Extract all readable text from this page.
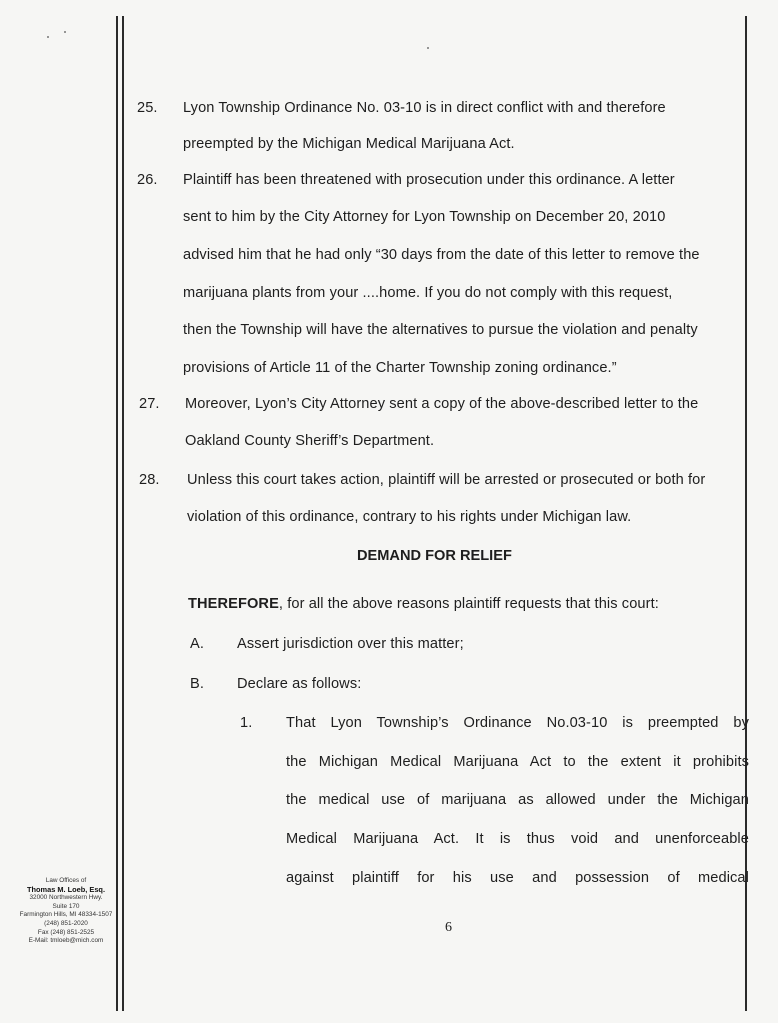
25. Lyon Township Ordinance No. 03-10 is in direct conflict with and therefore
preempted by the Michigan Medical Marijuana Act.
26. Plaintiff has been threatened with prosecution under this ordinance. A letter
sent to him by the City Attorney for Lyon Township on December 20, 2010
advised him that he had only “30 days from the date of this letter to remove the
marijuana plants from your ....home. If you do not comply with this request,
then the Township will have the alternatives to pursue the violation and penalty
provisions of Article 11 of the Charter Township zoning ordinance.”
27. Moreover, Lyon’s City Attorney sent a copy of the above-described letter to the
Oakland County Sheriff’s Department.
28. Unless this court takes action, plaintiff will be arrested or prosecuted or both for
violation of this ordinance, contrary to his rights under Michigan law.
DEMAND FOR RELIEF
THEREFORE, for all the above reasons plaintiff requests that this court:
A. Assert jurisdiction over this matter;
B. Declare as follows:
1. That Lyon Township’s Ordinance No.03-10 is preempted by
the Michigan Medical Marijuana Act to the extent it prohibits
the medical use of marijuana as allowed under the Michigan
Medical Marijuana Act. It is thus void and unenforceable
against plaintiff for his use and possession of medical
Law Offices of
Thomas M. Loeb, Esq.
32000 Northwestern Hwy.
Suite 170
Farmington Hills, MI 48334-1507
(248) 851-2020
Fax (248) 851-2525
E-Mail: tmloeb@mich.com
6
